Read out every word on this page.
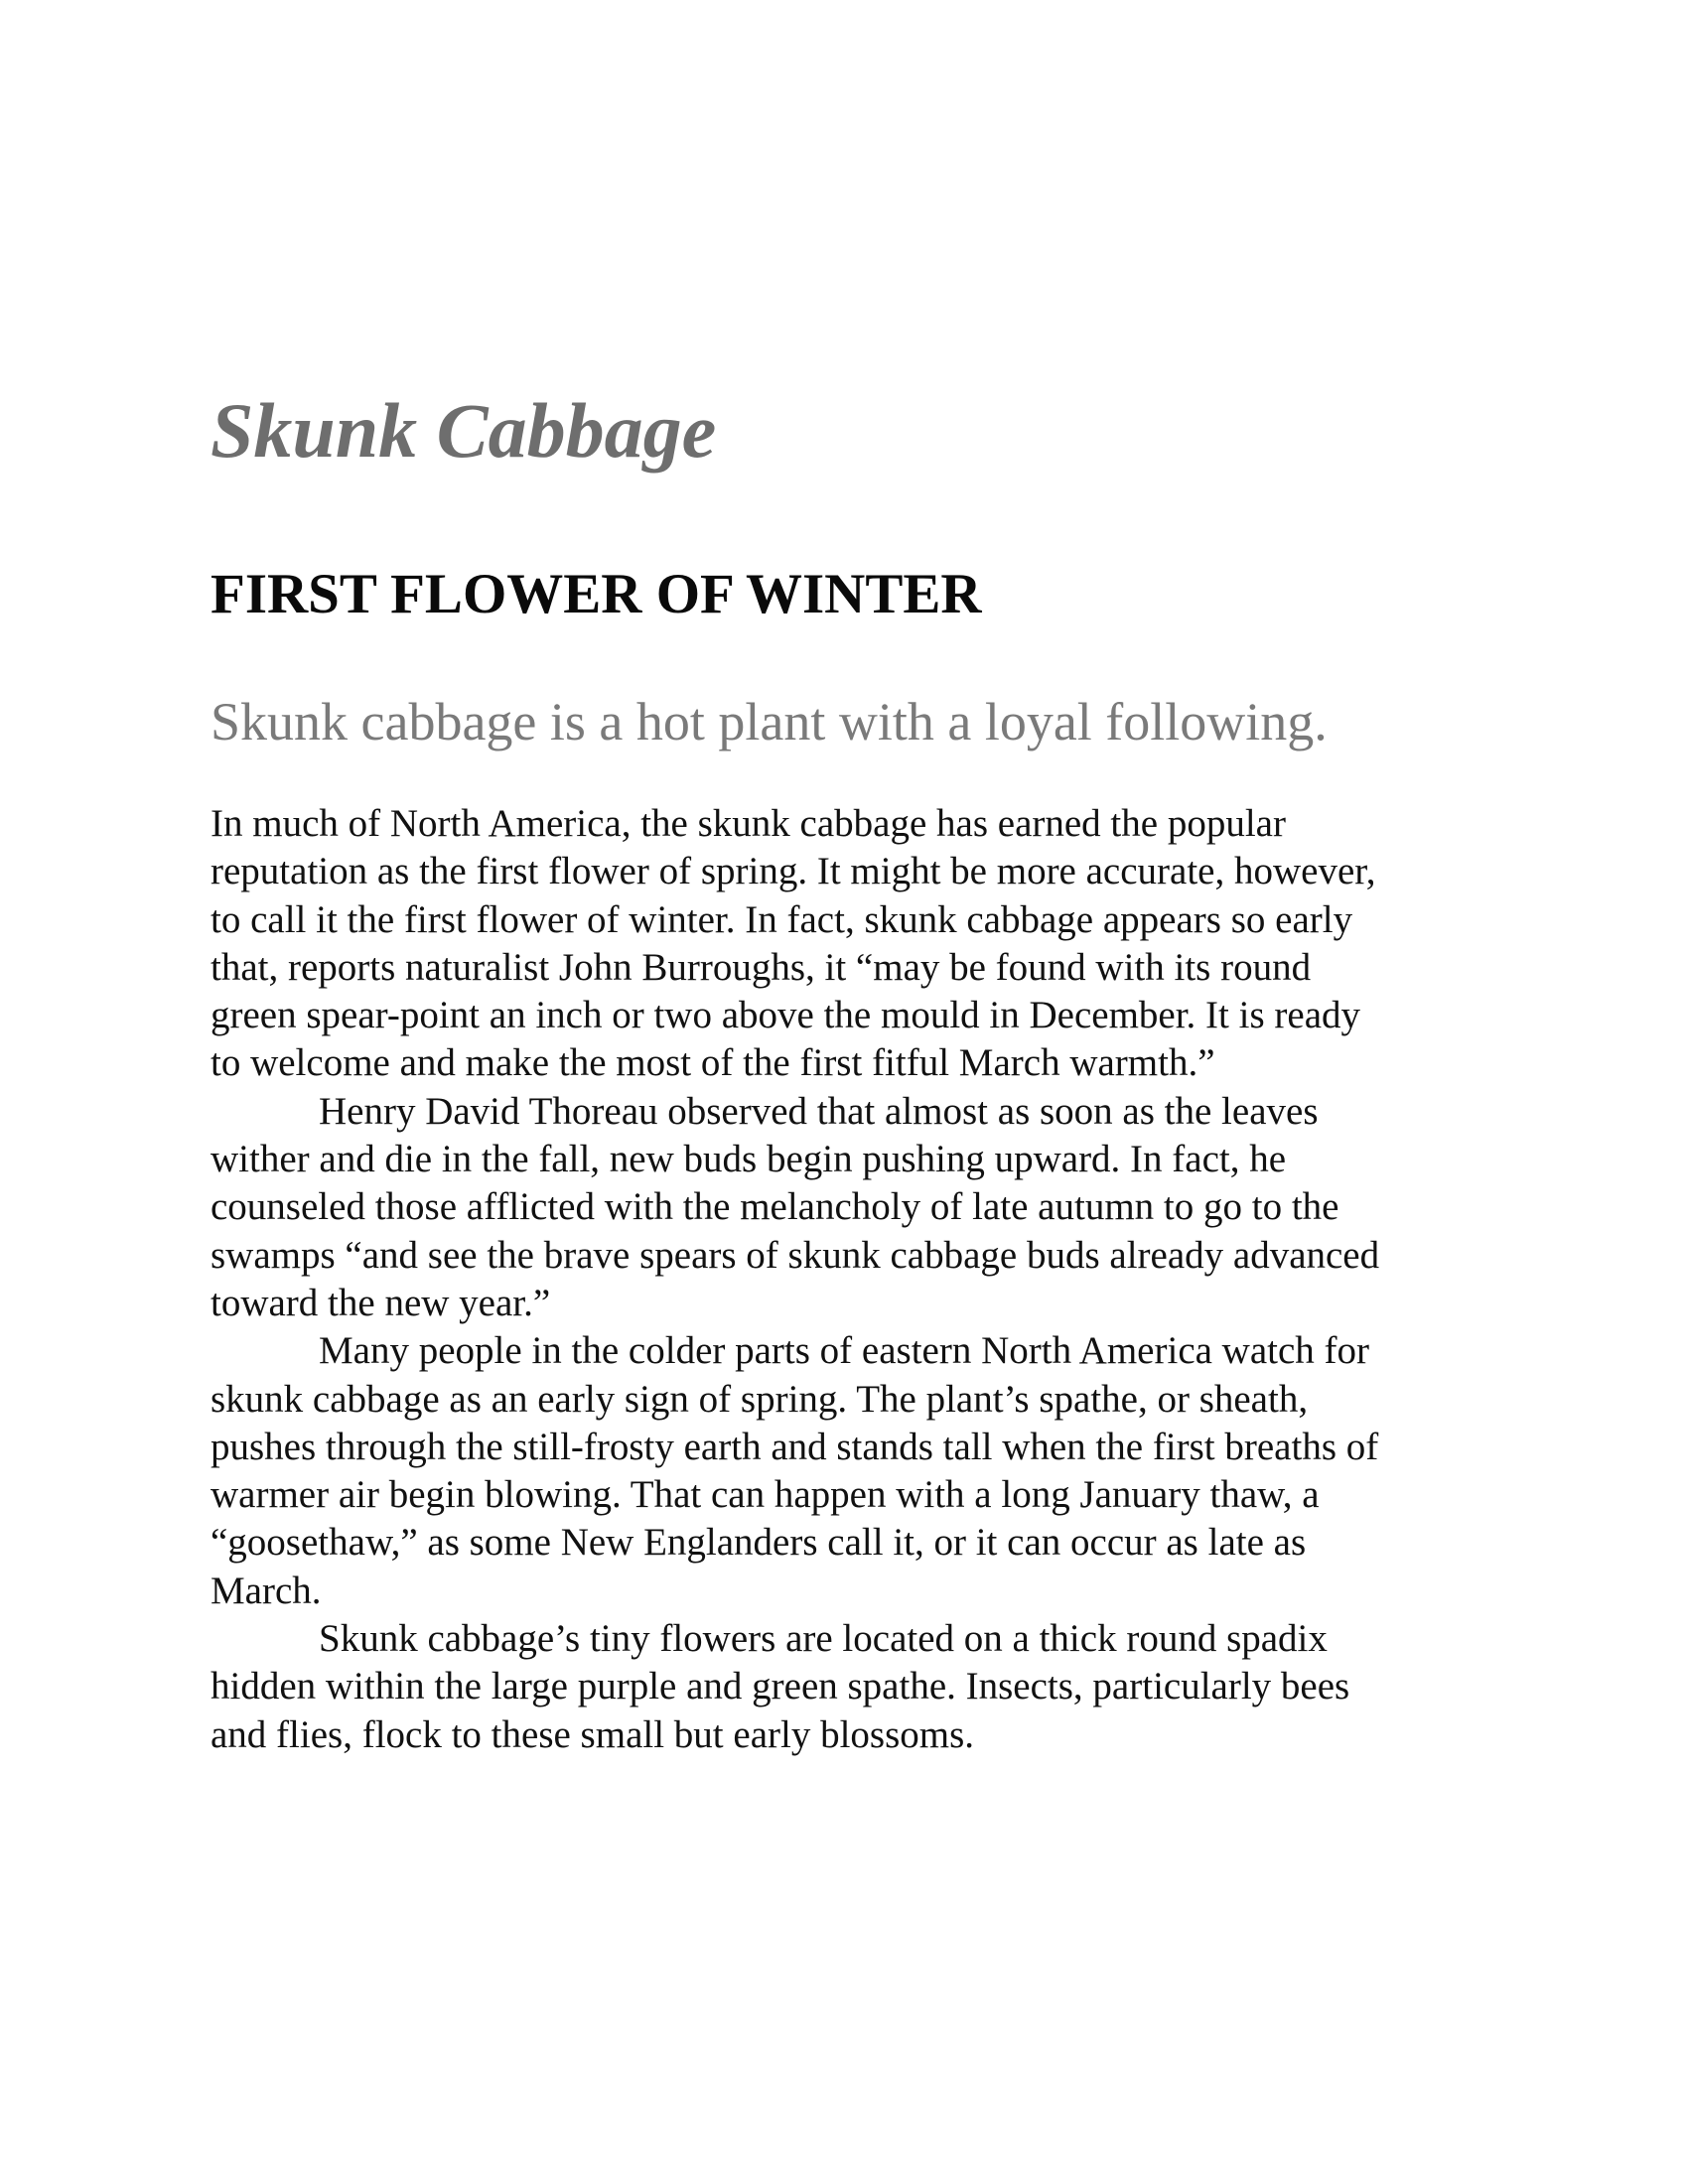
Skunk Cabbage
FIRST FLOWER OF WINTER
Skunk cabbage is a hot plant with a loyal following.

In much of North America, the skunk cabbage has earned the popular
reputation as the first flower of spring. It might be more accurate, however,
to call it the first flower of winter. In fact, skunk cabbage appears so early
that, reports naturalist John Burroughs, it “may be found with its round
green spear-point an inch or two above the mould in December. It is ready
to welcome and make the most of the first fitful March warmth.”

Henry David Thoreau observed that almost as soon as the leaves
wither and die in the fall, new buds begin pushing upward. In fact, he
counseled those afflicted with the melancholy of late autumn to go to the
swamps “and see the brave spears of skunk cabbage buds already advanced
toward the new year.”

Many people in the colder parts of eastern North America watch for
skunk cabbage as an early sign of spring. The plant’s spathe, or sheath,
pushes through the still-frosty earth and stands tall when the first breaths of
warmer air begin blowing. That can happen with a long January thaw, a
“goosethaw,” as some New Englanders call it, or it can occur as late as
March.

Skunk cabbage’s tiny flowers are located on a thick round spadix
hidden within the large purple and green spathe. Insects, particularly bees
and flies, flock to these small but early blossoms.
